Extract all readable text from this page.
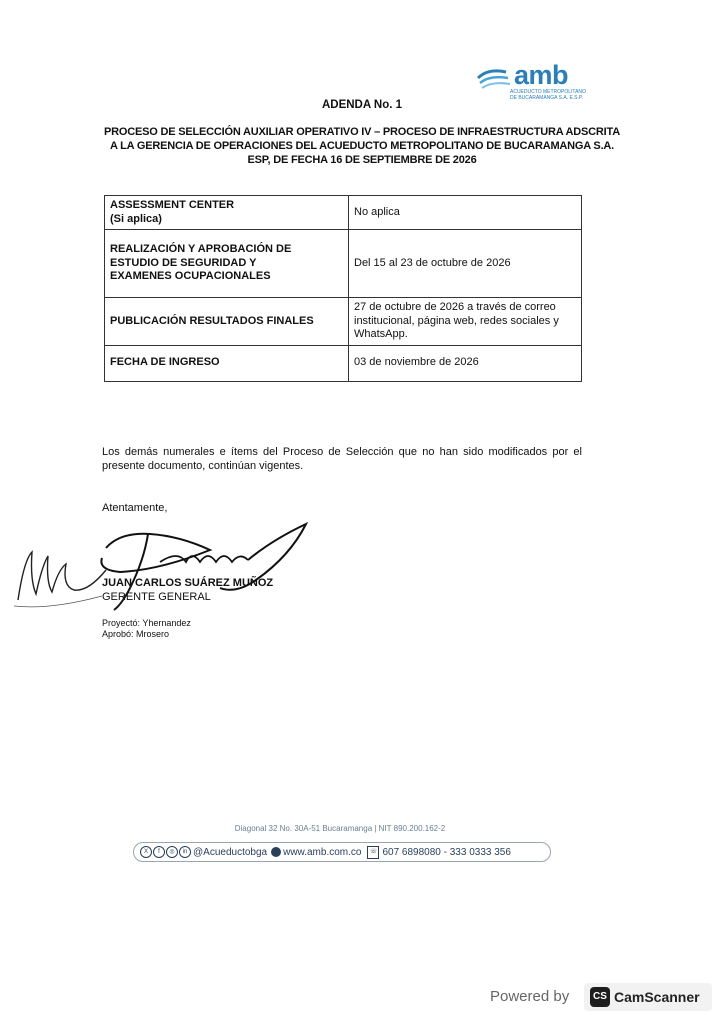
amb
ACUEDUCTO METROPOLITANO DE BUCARAMANGA S.A. E.S.P.
ADENDA No. 1
PROCESO DE SELECCIÓN AUXILIAR OPERATIVO IV – PROCESO DE INFRAESTRUCTURA ADSCRITA A LA GERENCIA DE OPERACIONES DEL ACUEDUCTO METROPOLITANO DE BUCARAMANGA S.A. ESP, DE FECHA 16 DE SEPTIEMBRE DE 2026
ASSESSMENT CENTER
(Si aplica)	No aplica

REALIZACIÓN Y APROBACIÓN DE
ESTUDIO DE SEGURIDAD Y
EXAMENES OCUPACIONALES	Del 15 al 23 de octubre de 2026
PUBLICACIÓN RESULTADOS FINALES	27 de octubre de 2026 a través de correo institucional, página web, redes sociales y WhatsApp.
FECHA DE INGRESO	03 de noviembre de 2026
Los demás numerales e ítems del Proceso de Selección que no han sido modificados por el presente documento, continúan vigentes.
Atentamente,
JUAN CARLOS SUÁREZ MUÑOZ
GERENTE GENERAL
Proyectó: Yhernandez
Aprobó: Mrosero
Diagonal 32 No. 30A-51 Bucaramanga | NIT 890.200.162-2
X	f	◎	in @Acueductobga www.amb.com.co	☏ 607 6898080 - 333 0333 356
Powered by	CS CamScanner
